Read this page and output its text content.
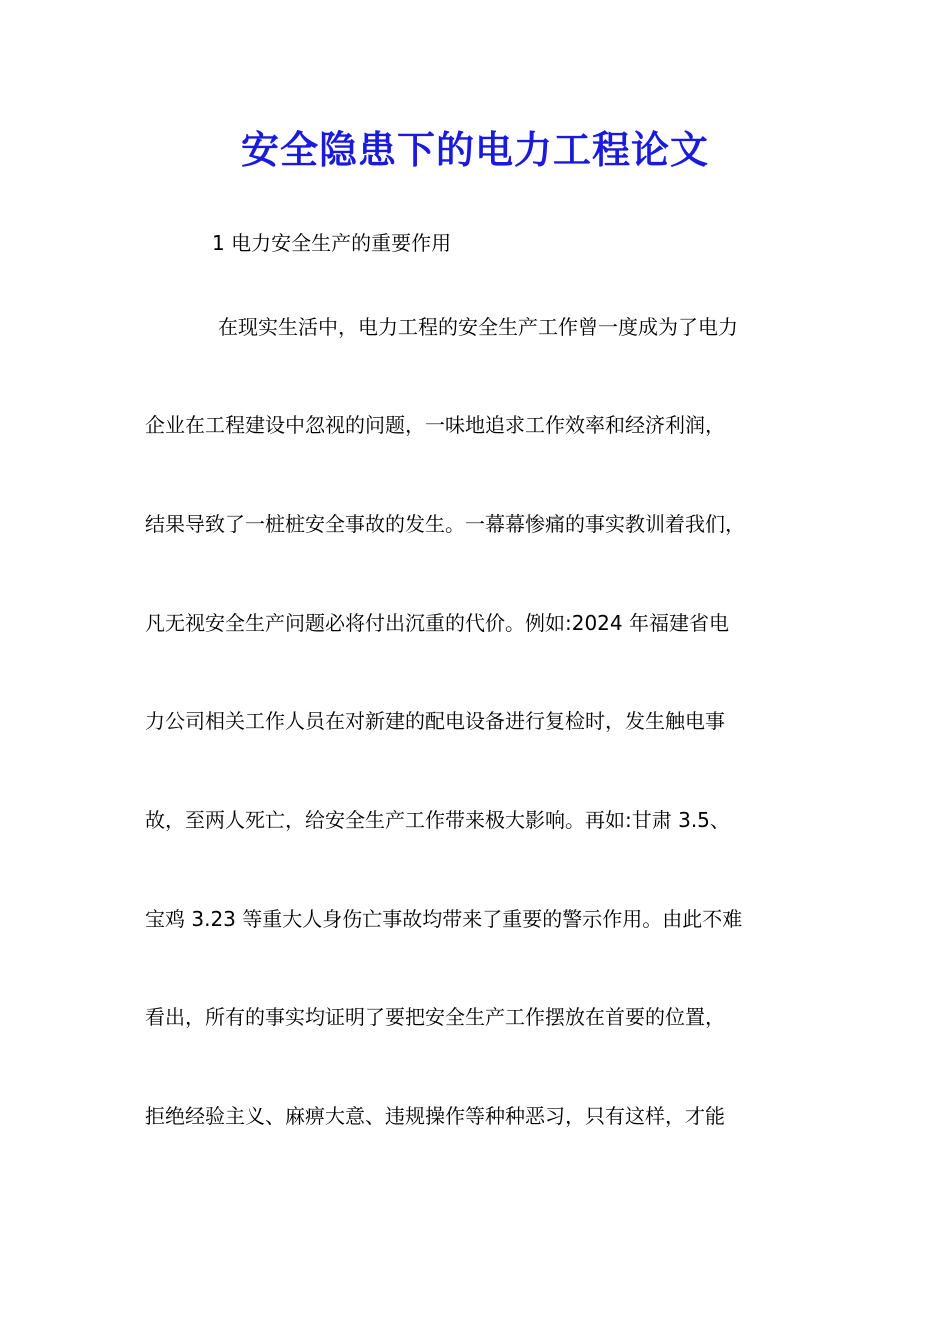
安全隐患下的电力工程论文

1 电力安全生产的重要作用

在现实生活中，电力工程的安全生产工作曾一度成为了电力

企业在工程建设中忽视的问题，一味地追求工作效率和经济利润，

结果导致了一桩桩安全事故的发生。一幕幕惨痛的事实教训着我们，

凡无视安全生产问题必将付出沉重的代价。例如:2024 年福建省电

力公司相关工作人员在对新建的配电设备进行复检时，发生触电事

故，至两人死亡，给安全生产工作带来极大影响。再如:甘肃 3.5、

宝鸡 3.23 等重大人身伤亡事故均带来了重要的警示作用。由此不难

看出，所有的事实均证明了要把安全生产工作摆放在首要的位置，

拒绝经验主义、麻痹大意、违规操作等种种恶习，只有这样，才能
